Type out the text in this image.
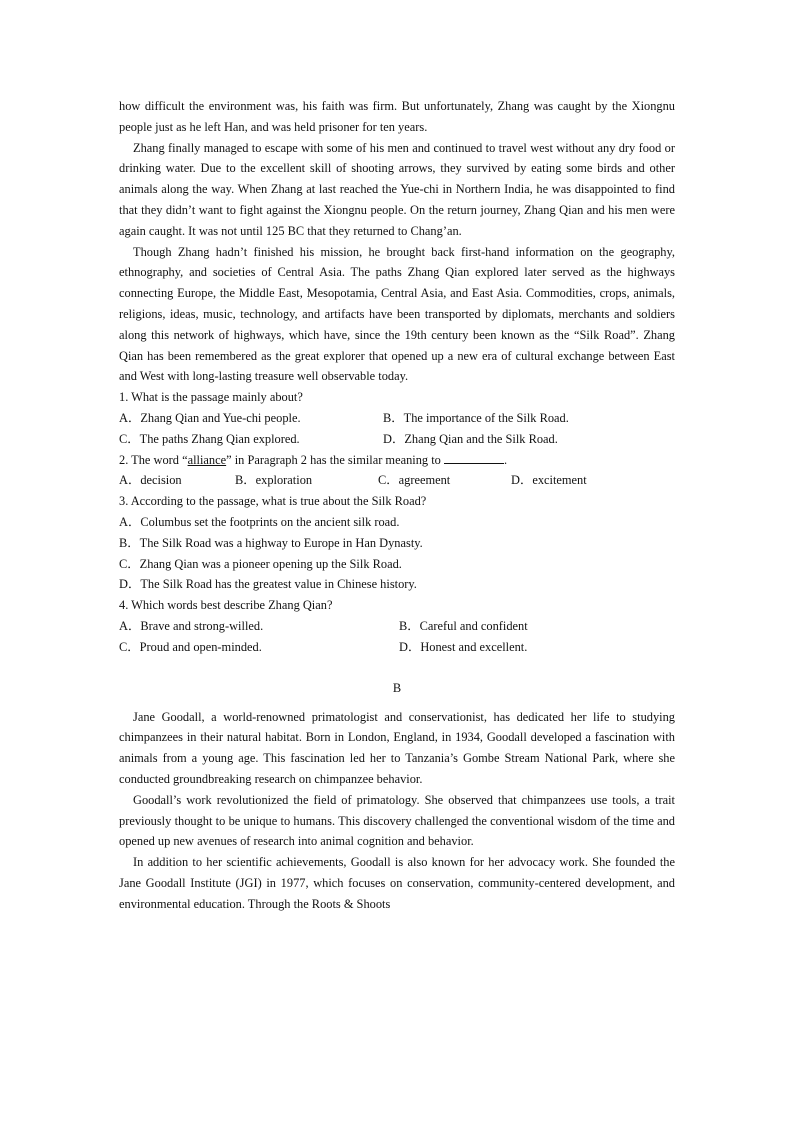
how difficult the environment was, his faith was firm. But unfortunately, Zhang was caught by the Xiongnu people just as he left Han, and was held prisoner for ten years.

Zhang finally managed to escape with some of his men and continued to travel west without any dry food or drinking water. Due to the excellent skill of shooting arrows, they survived by eating some birds and other animals along the way. When Zhang at last reached the Yue-chi in Northern India, he was disappointed to find that they didn’t want to fight against the Xiongnu people. On the return journey, Zhang Qian and his men were again caught. It was not until 125 BC that they returned to Chang’an.

Though Zhang hadn’t finished his mission, he brought back first-hand information on the geography, ethnography, and societies of Central Asia. The paths Zhang Qian explored later served as the highways connecting Europe, the Middle East, Mesopotamia, Central Asia, and East Asia. Commodities, crops, animals, religions, ideas, music, technology, and artifacts have been transported by diplomats, merchants and soldiers along this network of highways, which have, since the 19th century been known as the “Silk Road”. Zhang Qian has been remembered as the great explorer that opened up a new era of cultural exchange between East and West with long-lasting treasure well observable today.

1. What is the passage mainly about?

A．Zhang Qian and Yue-chi people.	B．The importance of the Silk Road.
C．The paths Zhang Qian explored.	D．Zhang Qian and the Silk Road.

2. The word “alliance” in Paragraph 2 has the similar meaning to	.

A．decision	B．exploration	C．agreement	D．excitement

3. According to the passage, what is true about the Silk Road?

A．Columbus set the footprints on the ancient silk road.

B．The Silk Road was a highway to Europe in Han Dynasty.

C．Zhang Qian was a pioneer opening up the Silk Road.

D．The Silk Road has the greatest value in Chinese history.

4. Which words best describe Zhang Qian?

A．Brave and strong-willed.	B．Careful and confident
C．Proud and open-minded.	D．Honest and excellent.
B

Jane Goodall, a world-renowned primatologist and conservationist, has dedicated her life to studying chimpanzees in their natural habitat. Born in London, England, in 1934, Goodall developed a fascination with animals from a young age. This fascination led her to Tanzania’s Gombe Stream National Park, where she conducted groundbreaking research on chimpanzee behavior.

Goodall’s work revolutionized the field of primatology. She observed that chimpanzees use tools, a trait previously thought to be unique to humans. This discovery challenged the conventional wisdom of the time and opened up new avenues of research into animal cognition and behavior.

In addition to her scientific achievements, Goodall is also known for her advocacy work. She founded the Jane Goodall Institute (JGI) in 1977, which focuses on conservation, community-centered development, and environmental education. Through the Roots & Shoots
